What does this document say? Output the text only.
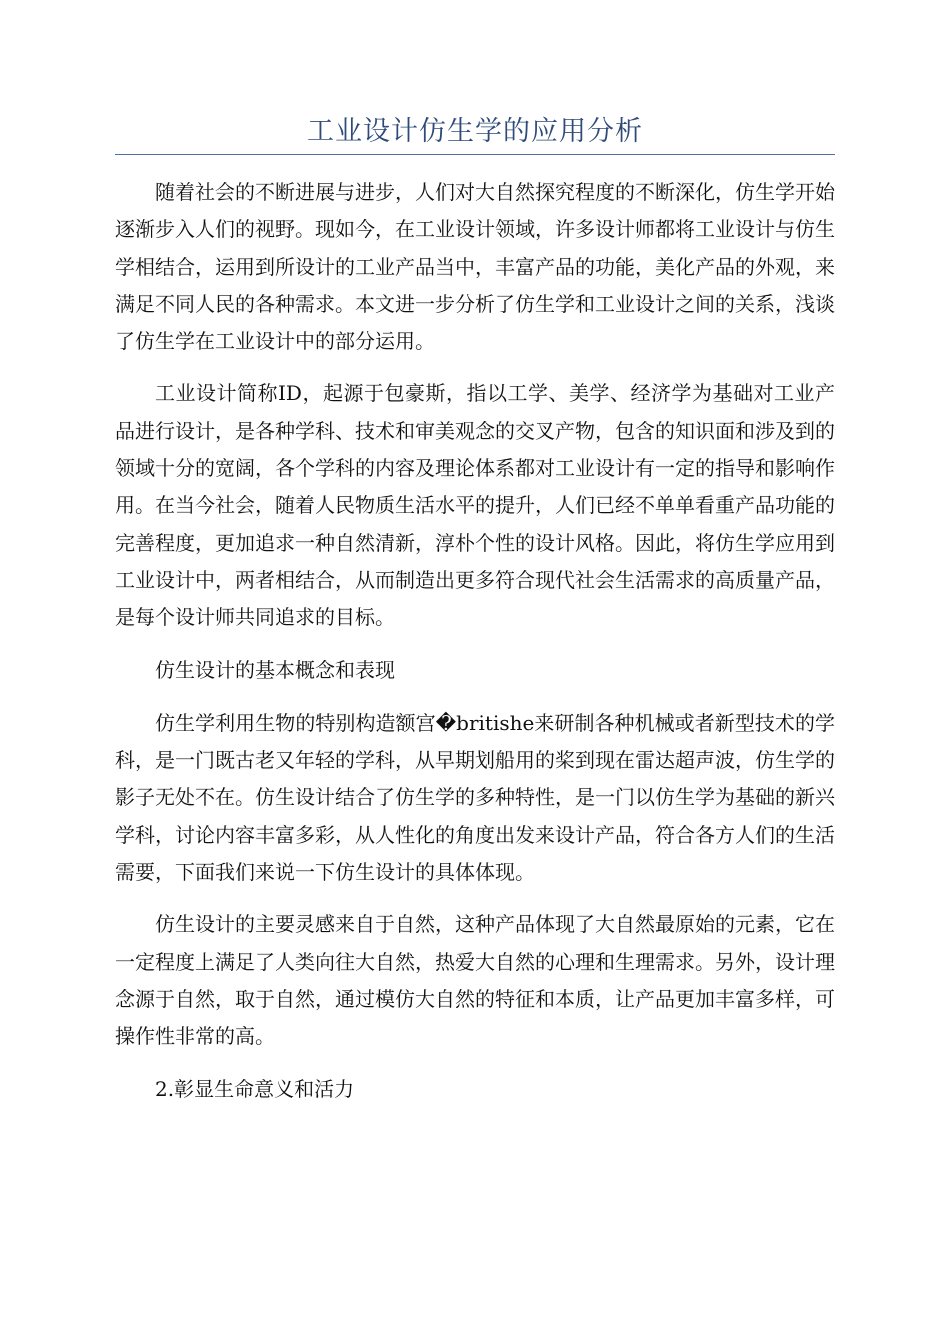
工业设计仿生学的应用分析

随着社会的不断进展与进步，人们对大自然探究程度的不断深化，仿生学开始逐渐步入人们的视野。现如今，在工业设计领域，许多设计师都将工业设计与仿生学相结合，运用到所设计的工业产品当中，丰富产品的功能，美化产品的外观，来满足不同人民的各种需求。本文进一步分析了仿生学和工业设计之间的关系，浅谈了仿生学在工业设计中的部分运用。

工业设计简称ID，起源于包豪斯，指以工学、美学、经济学为基础对工业产品进行设计，是各种学科、技术和审美观念的交叉产物，包含的知识面和涉及到的领域十分的宽阔，各个学科的内容及理论体系都对工业设计有一定的指导和影响作用。在当今社会，随着人民物质生活水平的提升，人们已经不单单看重产品功能的完善程度，更加追求一种自然清新，淳朴个性的设计风格。因此，将仿生学应用到工业设计中，两者相结合，从而制造出更多符合现代社会生活需求的高质量产品，是每个设计师共同追求的目标。

仿生设计的基本概念和表现

仿生学利用生物的特别构造额宫�britishe来研制各种机械或者新型技术的学科，是一门既古老又年轻的学科，从早期划船用的桨到现在雷达超声波，仿生学的影子无处不在。仿生设计结合了仿生学的多种特性，是一门以仿生学为基础的新兴学科，讨论内容丰富多彩，从人性化的角度出发来设计产品，符合各方人们的生活需要，下面我们来说一下仿生设计的具体体现。

仿生设计的主要灵感来自于自然，这种产品体现了大自然最原始的元素，它在一定程度上满足了人类向往大自然，热爱大自然的心理和生理需求。另外，设计理念源于自然，取于自然，通过模仿大自然的特征和本质，让产品更加丰富多样，可操作性非常的高。

2.彰显生命意义和活力
